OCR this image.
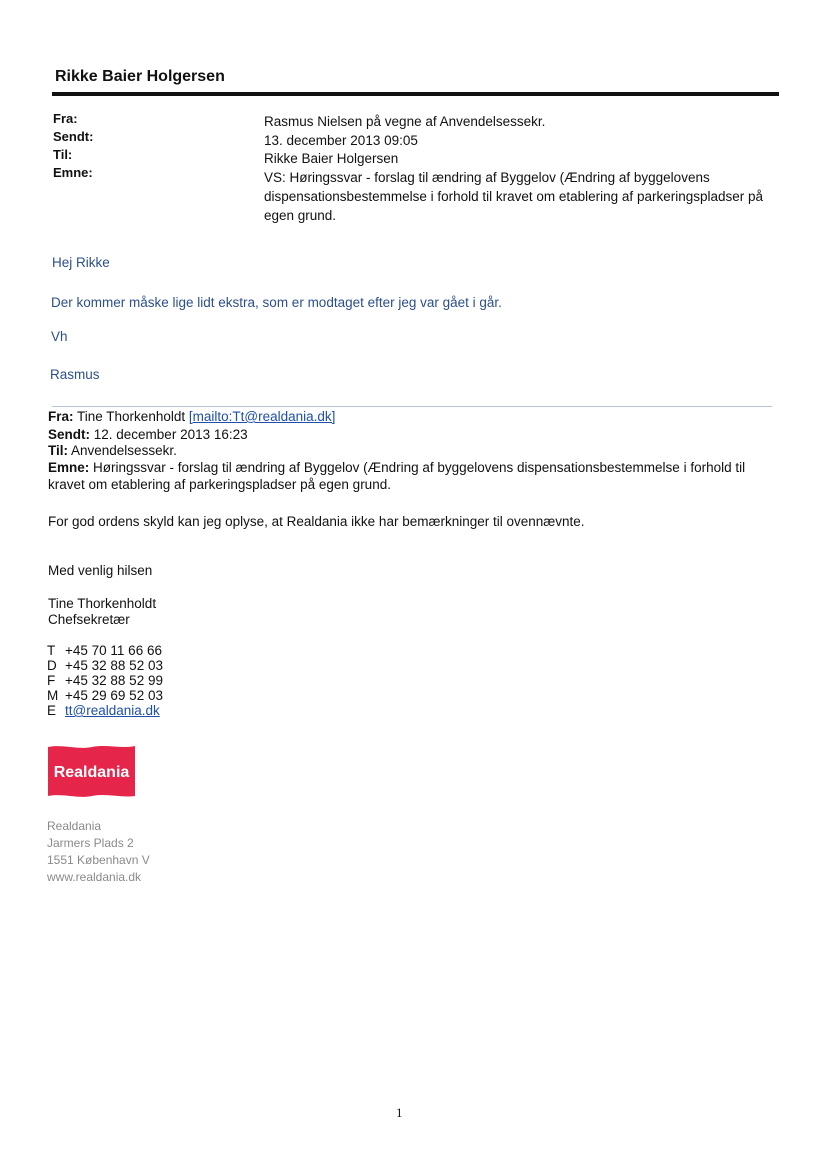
Rikke Baier Holgersen
Fra:
Sendt:
Til:
Emne:
Rasmus Nielsen på vegne af Anvendelsessekr.
13. december 2013 09:05
Rikke Baier Holgersen
VS: Høringssvar - forslag til ændring af Byggelov (Ændring af byggelovens
dispensationsbestemmelse i forhold til kravet om etablering af parkeringspladser på
egen grund.
Hej Rikke
Der kommer måske lige lidt ekstra, som er modtaget efter jeg var gået i går.
Vh
Rasmus
Fra: Tine Thorkenholdt [mailto:Tt@realdania.dk]
Sendt: 12. december 2013 16:23
Til: Anvendelsessekr.
Emne: Høringssvar - forslag til ændring af Byggelov (Ændring af byggelovens dispensationsbestemmelse i forhold til
kravet om etablering af parkeringspladser på egen grund.
For god ordens skyld kan jeg oplyse, at Realdania ikke har bemærkninger til ovennævnte.
Med venlig hilsen
Tine Thorkenholdt
Chefsekretær
T +45 70 11 66 66
D +45 32 88 52 03
F +45 32 88 52 99
M +45 29 69 52 03
E tt@realdania.dk
Realdania
Realdania
Jarmers Plads 2
1551 København V
www.realdania.dk
1
